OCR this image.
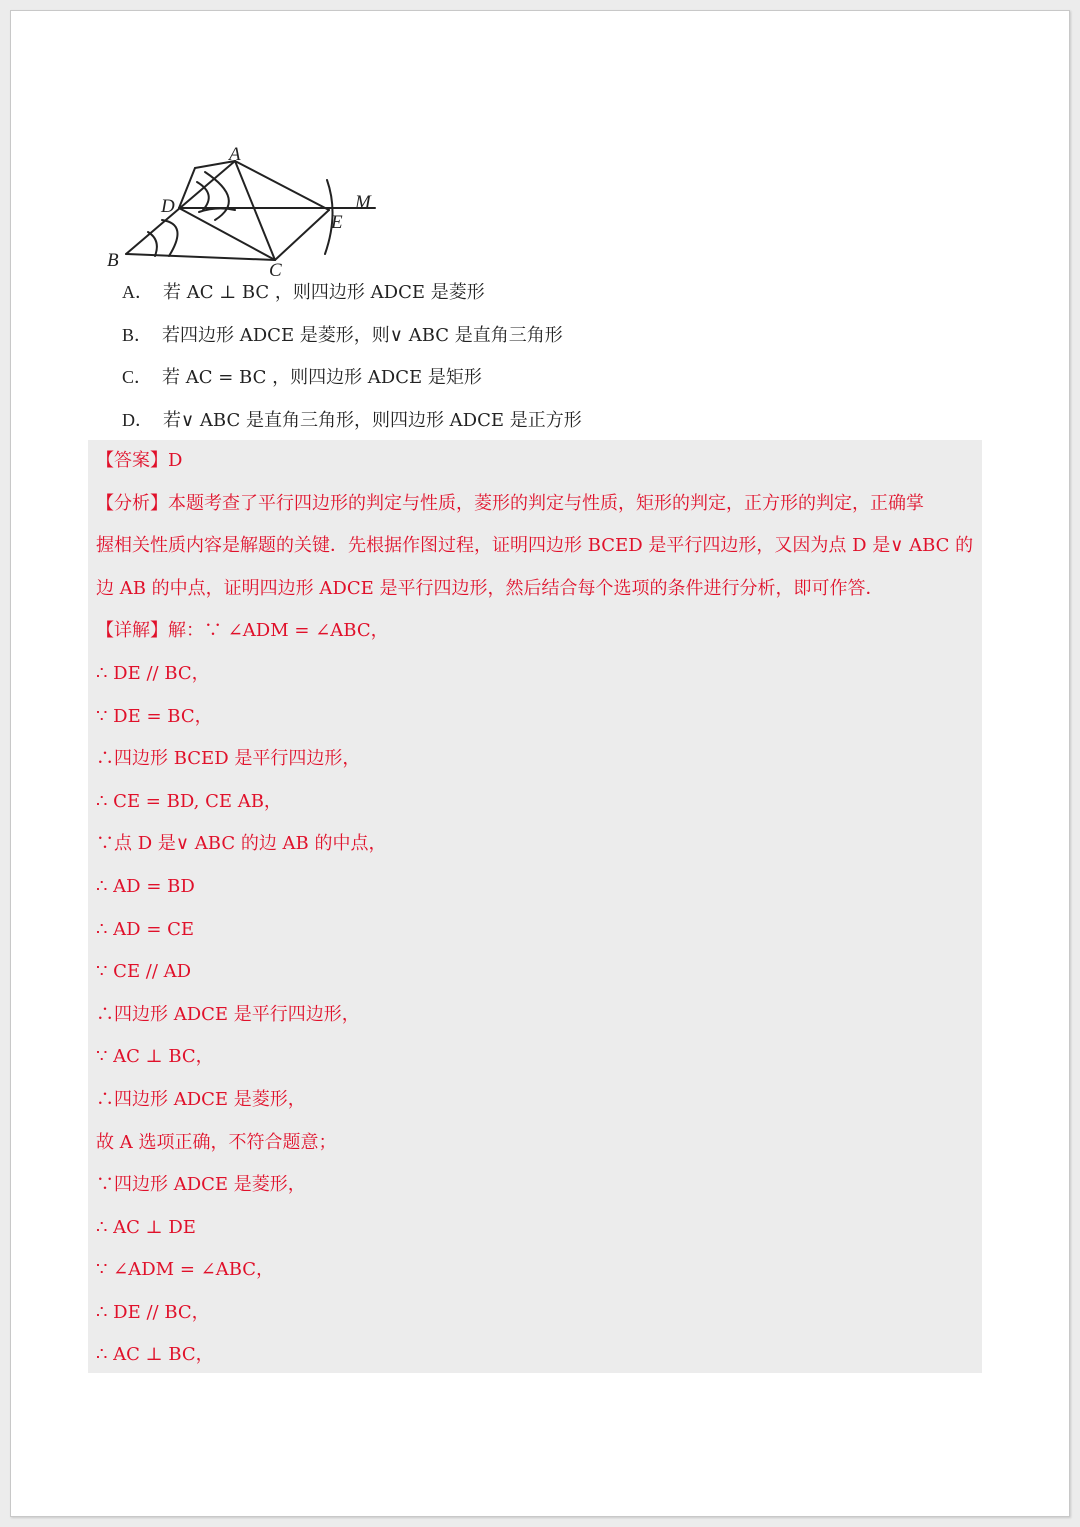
A
D	M
E
B	C
A． 若 AC ⊥ BC ，则四边形 ADCE 是菱形
B． 若四边形 ADCE 是菱形，则∨ ABC 是直角三角形
C． 若 AC = BC ，则四边形 ADCE 是矩形
D． 若∨ ABC 是直角三角形，则四边形 ADCE 是正方形
【答案】D
【分析】本题考查了平行四边形的判定与性质，菱形的判定与性质，矩形的判定，正方形的判定，正确掌
握相关性质内容是解题的关键．先根据作图过程，证明四边形 BCED 是平行四边形，又因为点 D 是∨ ABC 的
边 AB 的中点，证明四边形 ADCE 是平行四边形，然后结合每个选项的条件进行分析，即可作答．
【详解】解：∵ ∠ADM = ∠ABC，
∴ DE // BC，
∵ DE = BC，
∴四边形 BCED 是平行四边形，
∴ CE = BD, CE AB，
∵点 D 是∨ ABC 的边 AB 的中点，
∴ AD = BD
∴ AD = CE
∵ CE // AD
∴四边形 ADCE 是平行四边形，
∵ AC ⊥ BC，
∴四边形 ADCE 是菱形，
故 A 选项正确，不符合题意；
∵四边形 ADCE 是菱形，
∴ AC ⊥ DE
∵ ∠ADM = ∠ABC，
∴ DE // BC，
∴ AC ⊥ BC，
